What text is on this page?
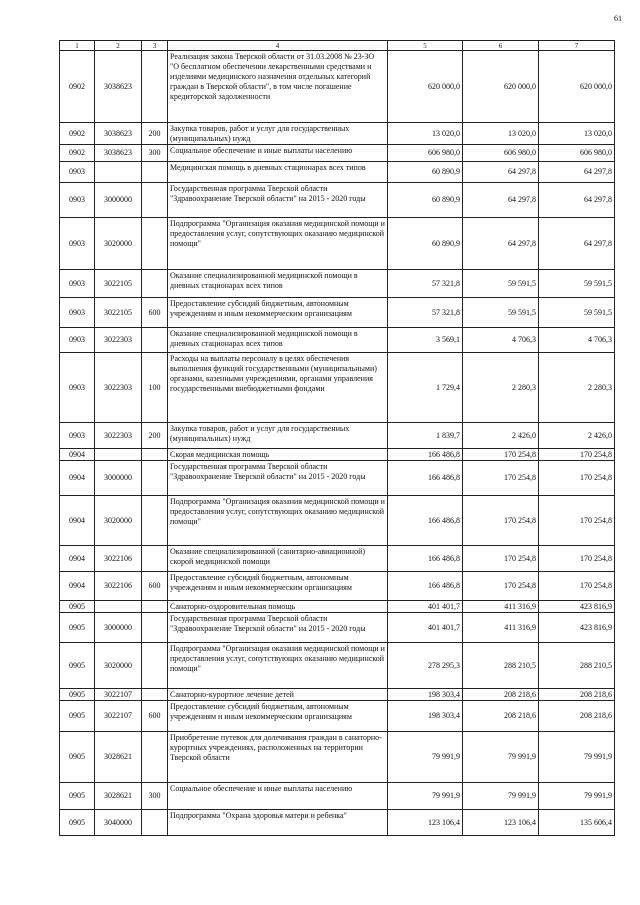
61
1	2	3	4	5	6	7
0902	3038623		Реализация закона Тверской области от 31.03.2008 № 23-ЗО "О бесплатном обеспечении лекарственными средствами и изделиями медицинского назначения отдельных категорий граждан в Тверской области", в том числе погашение кредиторской задолженности	620 000,0	620 000,0	620 000,0
0902	3038623	200	Закупка товаров, работ и услуг для государственных (муниципальных) нужд	13 020,0	13 020,0	13 020,0
0902	3038623	300	Социальное обеспечение и иные выплаты населению	606 980,0	606 980,0	606 980,0
0903			Медицинская помощь в дневных стационарах всех типов	60 890,9	64 297,8	64 297,8
0903	3000000		Государственная программа Тверской области "Здравоохранение Тверской области" на 2015 - 2020 годы	60 890,9	64 297,8	64 297,8
0903	3020000		Подпрограмма "Организация оказания медицинской помощи и предоставления услуг, сопутствующих оказанию медицинской помощи"	60 890,9	64 297,8	64 297,8
0903	3022105		Оказание специализированной медицинской помощи в дневных стационарах всех типов	57 321,8	59 591,5	59 591,5
0903	3022105	600	Предоставление субсидий бюджетным, автономным учреждениям и иным некоммерческим организациям	57 321,8	59 591,5	59 591,5
0903	3022303		Оказание специализированной медицинской помощи в дневных стационарах всех типов	3 569,1	4 706,3	4 706,3
0903	3022303	100	Расходы на выплаты персоналу в целях обеспечения выполнения функций государственными (муниципальными) органами, казенными учреждениями, органами управления государственными внебюджетными фондами	1 729,4	2 280,3	2 280,3
0903	3022303	200	Закупка товаров, работ и услуг для государственных (муниципальных) нужд	1 839,7	2 426,0	2 426,0
0904			Скорая медицинская помощь	166 486,8	170 254,8	170 254,8
0904	3000000		Государственная программа Тверской области "Здравоохранение Тверской области" на 2015 - 2020 годы	166 486,8	170 254,8	170 254,8
0904	3020000		Подпрограмма "Организация оказания медицинской помощи и предоставления услуг, сопутствующих оказанию медицинской помощи"	166 486,8	170 254,8	170 254,8
0904	3022106		Оказание специализированной (санитарно-авиационной) скорой медицинской помощи	166 486,8	170 254,8	170 254,8
0904	3022106	600	Предоставление субсидий бюджетным, автономным учреждениям и иным некоммерческим организациям	166 486,8	170 254,8	170 254,8
0905			Санаторно-оздоровительная помощь	401 401,7	411 316,9	423 816,9
0905	3000000		Государственная программа Тверской области "Здравоохранение Тверской области" на 2015 - 2020 годы	401 401,7	411 316,9	423 816,9
0905	3020000		Подпрограмма "Организация оказания медицинской помощи и предоставления услуг, сопутствующих оказанию медицинской помощи"	278 295,3	288 210,5	288 210,5
0905	3022107		Санаторно-курортное лечение детей	198 303,4	208 218,6	208 218,6
0905	3022107	600	Предоставление субсидий бюджетным, автономным учреждениям и иным некоммерческим организациям	198 303,4	208 218,6	208 218,6
0905	3028621		Приобретение путевок для долечивания граждан в санаторно-курортных учреждениях, расположенных на территории Тверской области	79 991,9	79 991,9	79 991,9
0905	3028621	300	Социальное обеспечение и иные выплаты населению	79 991,9	79 991,9	79 991,9
0905	3040000		Подпрограмма "Охрана здоровья матери и ребенка"	123 106,4	123 106,4	135 606,4
